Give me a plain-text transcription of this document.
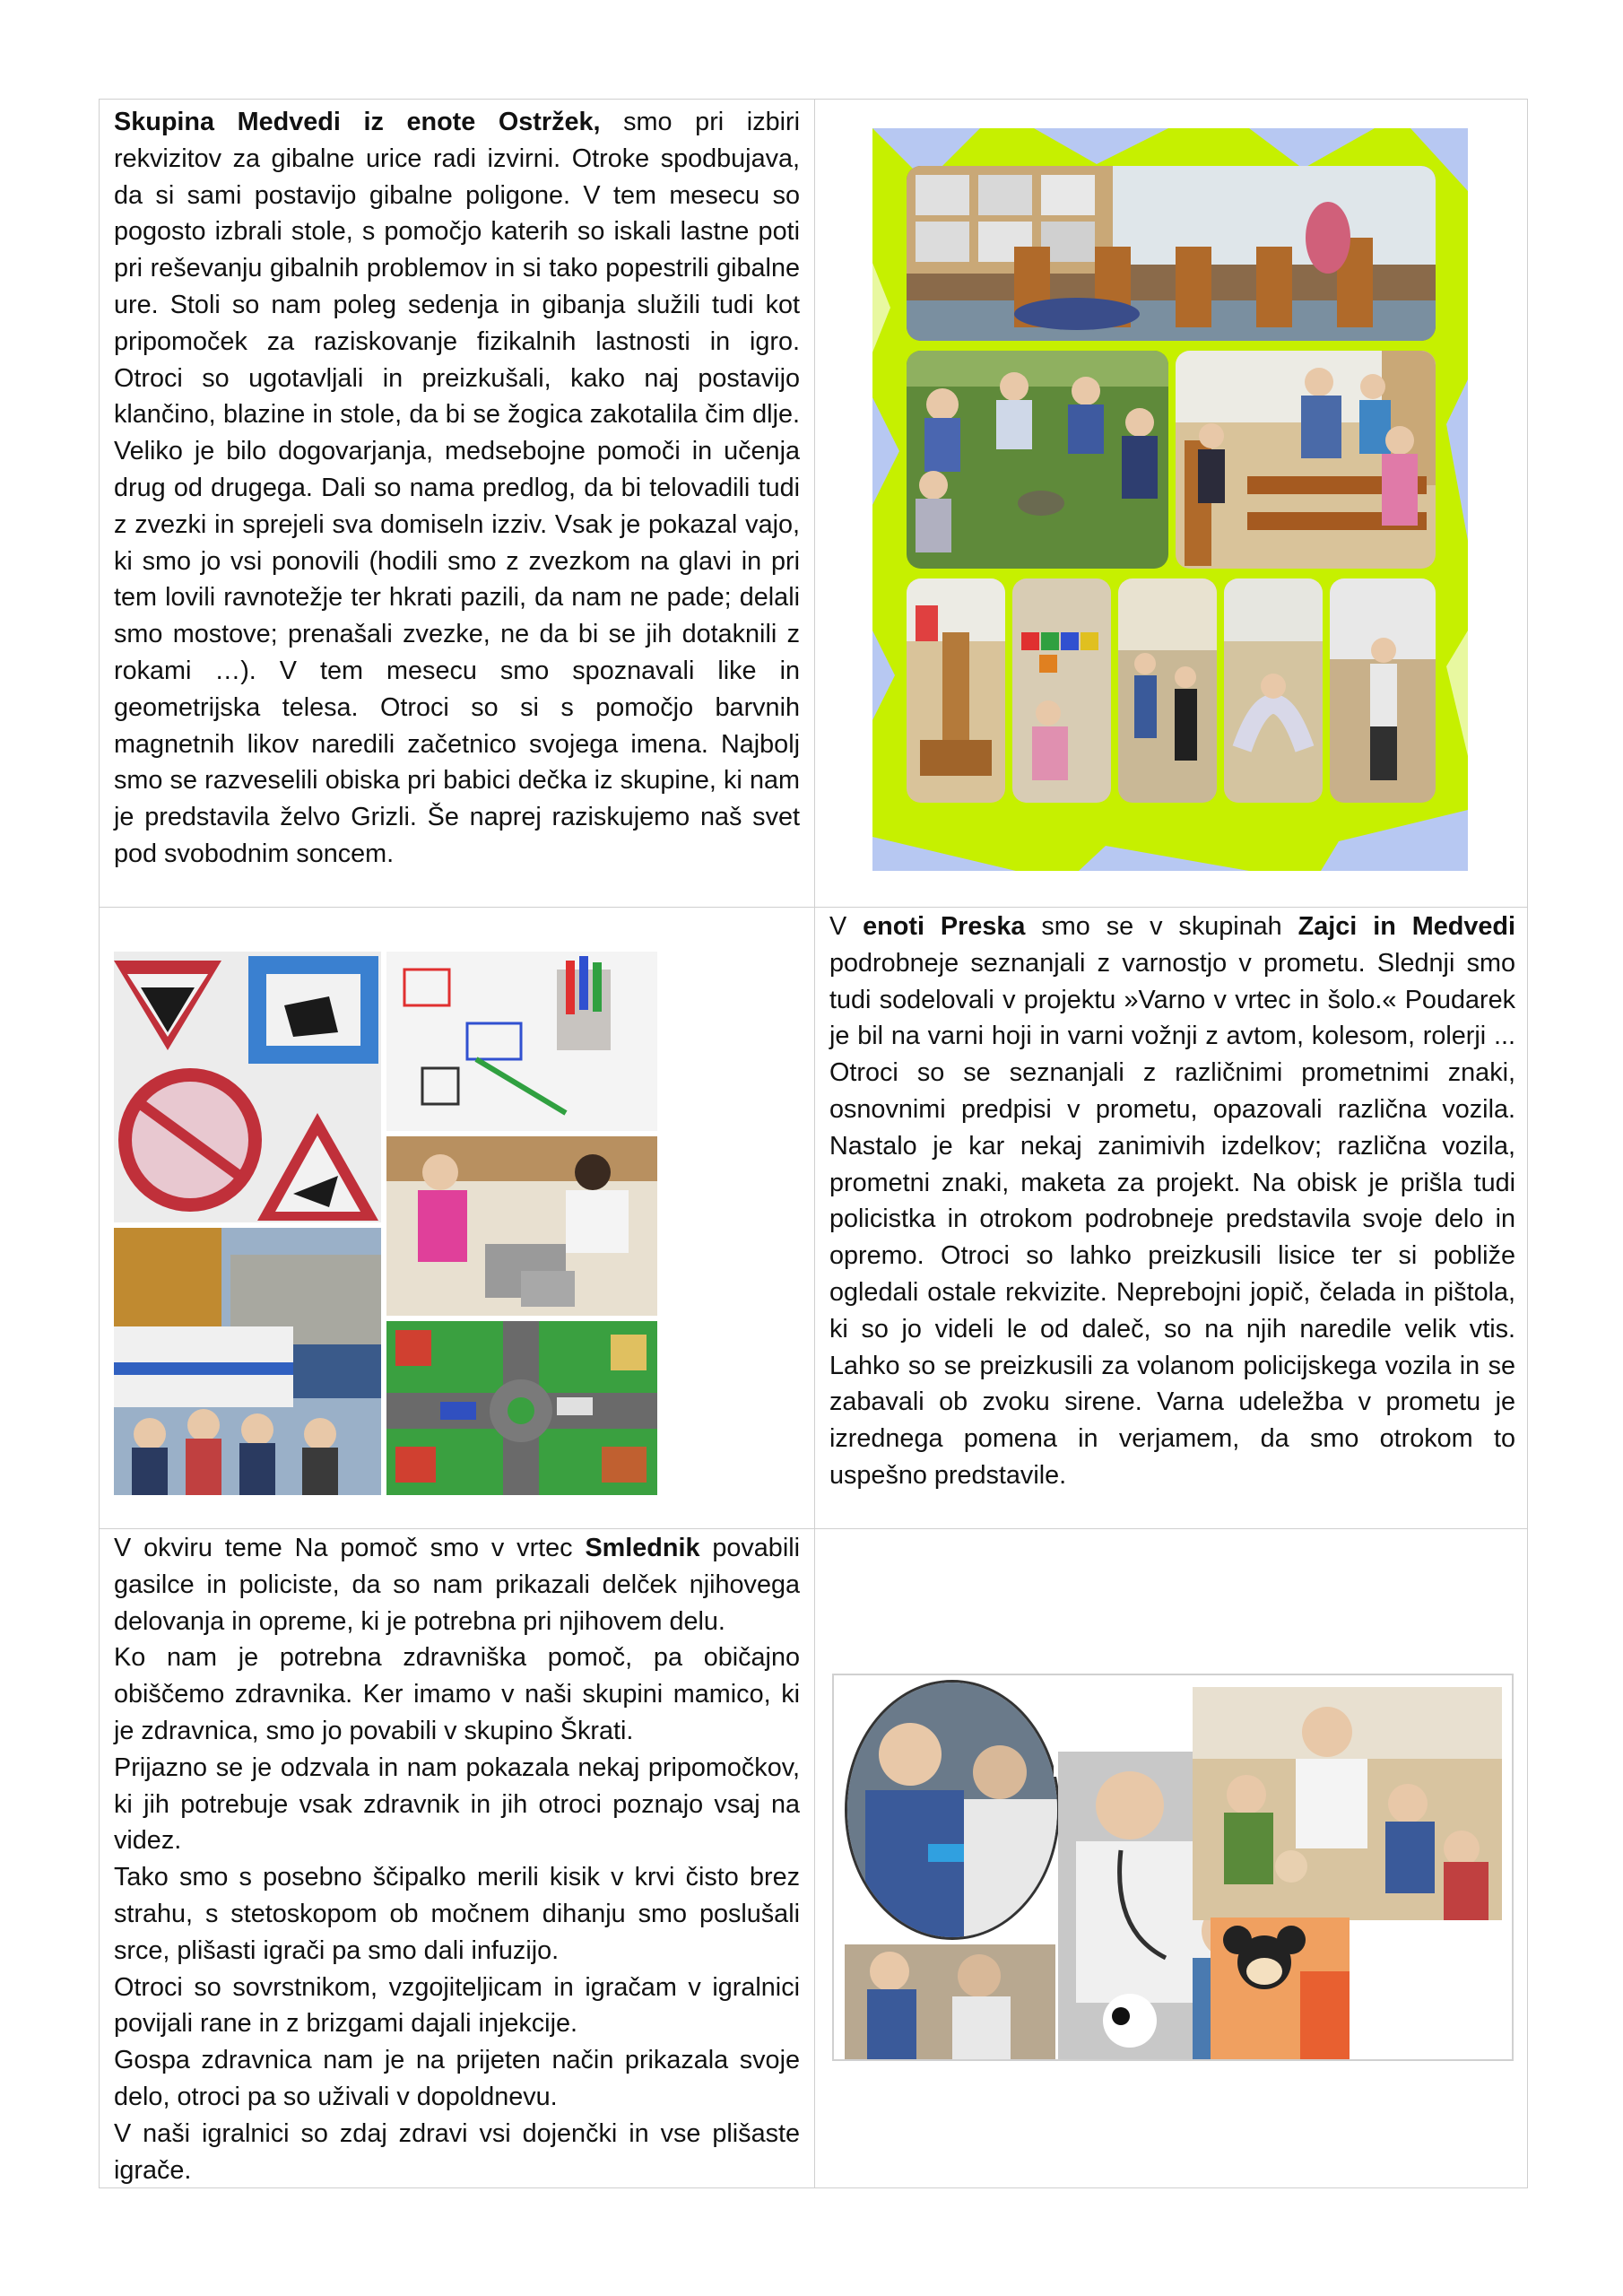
Skupina Medvedi iz enote Ostržek, smo pri izbiri rekvizitov za gibalne urice radi izvirni. Otroke spodbujava, da si sami postavijo gibalne poligone. V tem mesecu so pogosto izbrali stole, s pomočjo katerih so iskali lastne poti pri reševanju gibalnih problemov in si tako popestrili gibalne ure. Stoli so nam poleg sedenja in gibanja služili tudi kot pripomoček za raziskovanje fizikalnih lastnosti in igro. Otroci so ugotavljali in preizkušali, kako naj postavijo klančino, blazine in stole, da bi se žogica zakotalila čim dlje. Veliko je bilo dogovarjanja, medsebojne pomoči in učenja drug od drugega. Dali so nama predlog, da bi telovadili tudi z zvezki in sprejeli sva domiseln izziv. Vsak je pokazal vajo, ki smo jo vsi ponovili (hodili smo z zvezkom na glavi in pri tem lovili ravnotežje ter hkrati pazili, da nam ne pade; delali smo mostove; prenašali zvezke, ne da bi se jih dotaknili z rokami …). V tem mesecu smo spoznavali like in geometrijska telesa. Otroci so si s pomočjo barvnih magnetnih likov naredili začetnico svojega imena. Najbolj smo se razveselili obiska pri babici dečka iz skupine, ki nam je predstavila želvo Grizli. Še naprej raziskujemo naš svet pod svobodnim soncem.

V enoti Preska smo se v skupinah Zajci in Medvedi podrobneje seznanjali z varnostjo v prometu. Slednji smo tudi sodelovali v projektu »Varno v vrtec in šolo.« Poudarek je bil na varni hoji in varni vožnji z avtom, kolesom, rolerji ... Otroci so se seznanjali z različnimi prometnimi znaki, osnovnimi predpisi v prometu, opazovali različna vozila. Nastalo je kar nekaj zanimivih izdelkov; različna vozila, prometni znaki, maketa za projekt. Na obisk je prišla tudi policistka in otrokom podrobneje predstavila svoje delo in opremo. Otroci so lahko preizkusili lisice ter si pobliže ogledali ostale rekvizite. Neprebojni jopič, čelada in pištola, ki so jo videli le od daleč, so na njih naredile velik vtis. Lahko so se preizkusili za volanom policijskega vozila in se zabavali ob zvoku sirene. Varna udeležba v prometu je izrednega pomena in verjamem, da smo otrokom to uspešno predstavile.

V okviru teme Na pomoč smo v vrtec Smlednik povabili gasilce in policiste, da so nam prikazali delček njihovega delovanja in opreme, ki je potrebna pri njihovem delu.

Ko nam je potrebna zdravniška pomoč, pa običajno obiščemo zdravnika. Ker imamo v naši skupini mamico, ki je zdravnica, smo jo povabili v skupino Škrati.

Prijazno se je odzvala in nam pokazala nekaj pripomočkov, ki jih potrebuje vsak zdravnik in jih otroci poznajo vsaj na videz.

Tako smo s posebno ščipalko merili kisik v krvi čisto brez strahu, s stetoskopom ob močnem dihanju smo poslušali srce, plišasti igrači pa smo dali infuzijo.

Otroci so sovrstnikom, vzgojiteljicam in igračam v igralnici povijali rane in z brizgami dajali injekcije.

Gospa zdravnica nam je na prijeten način prikazala svoje delo, otroci pa so uživali v dopoldnevu.

V naši igralnici so zdaj zdravi vsi dojenčki in vse plišaste igrače.
